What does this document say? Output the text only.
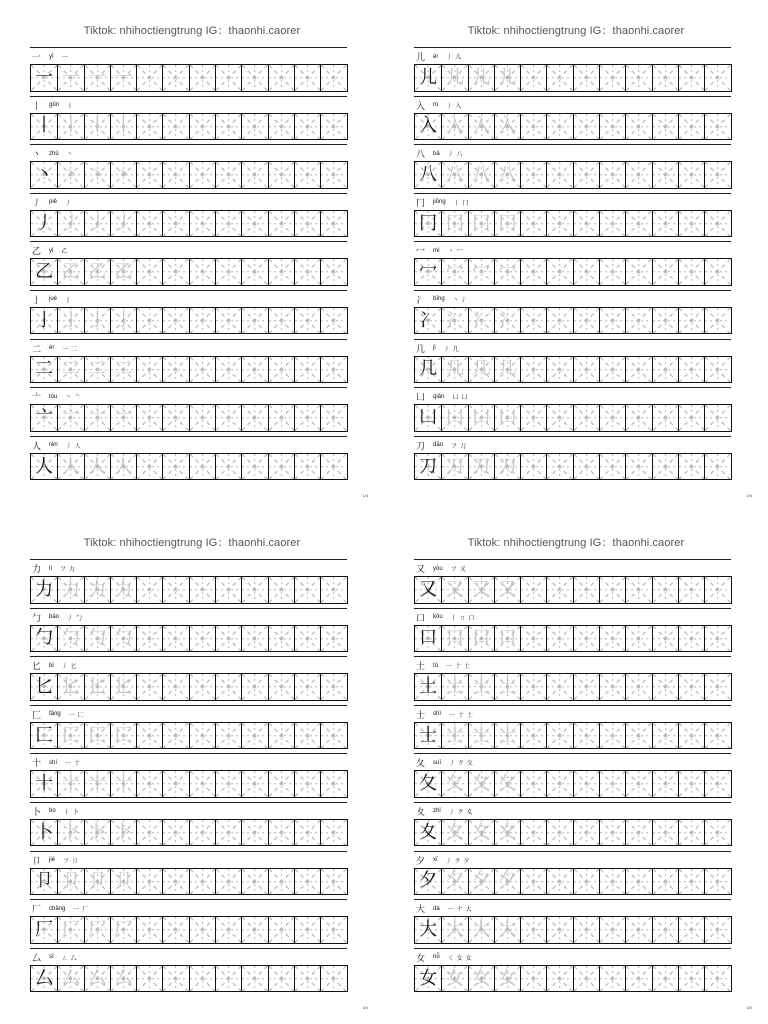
Tiktok: nhihoctiengtrung IG：thaonhi.caorer
一 yī 一
一 一 一 一
丨 gǔn 丨
丨 丨 丨 丨
丶 zhǔ 丶
丶 丶 丶 丶
丿 piě 丿
丿 丿 丿 丿
乙 yǐ 乙
乙 乙 乙 乙
亅 jué 亅
亅 亅 亅 亅
二 èr 一 二
二 二 二 二
亠 tóu 丶 亠
亠 亠 亠 亠
人 rén 丿 人
人 人 人 人
1/4
Tiktok: nhihoctiengtrung IG：thaonhi.caorer
儿 ér 丿 儿
儿 儿 儿 儿
入 rù 丿 入
入 入 入 入
八 bā 丿 八
八 八 八 八
冂 jiōng 丨 冂
冂 冂 冂 冂
冖 mì 丶 冖
冖 冖 冖 冖
冫 bīng 丶 冫
冫 冫 冫 冫
几 jǐ 丿 几
几 几 几 几
凵 qiǎn 凵 凵
凵 凵 凵 凵
刀 dāo フ 刀
刀 刀 刀 刀
2/4
Tiktok: nhihoctiengtrung IG：thaonhi.caorer
力 lì フ 力
力 力 力 力
勹 bāo 丿 勹
勹 勹 勹 勹
匕 bǐ 丿 匕
匕 匕 匕 匕
匚 fāng 一 匚
匚 匚 匚 匚
十 shí 一 十
十 十 十 十
卜 bo 丨 卜
卜 卜 卜 卜
卩 jié フ 卩
卩 卩 卩 卩
厂 chǎng 一 厂
厂 厂 厂 厂
厶 sī ㄥ 厶
厶 厶 厶 厶
3/4
Tiktok: nhihoctiengtrung IG：thaonhi.caorer
又 yòu フ 又
又 又 又 又
口 kǒu 丨 ㄇ 口
口 口 口 口
土 tǔ 一 十 土
土 土 土 土
士 shì 一 十 士
士 士 士 士
夂 suī 丿 ク 夂
夂 夂 夂 夂
夊 zhǐ 丿 ク 夊
夊 夊 夊 夊
夕 xī 丿 ク 夕
夕 夕 夕 夕
大 dà 一 ナ 大
大 大 大 大
女 nǚ く 女 女
女 女 女 女
4/4
